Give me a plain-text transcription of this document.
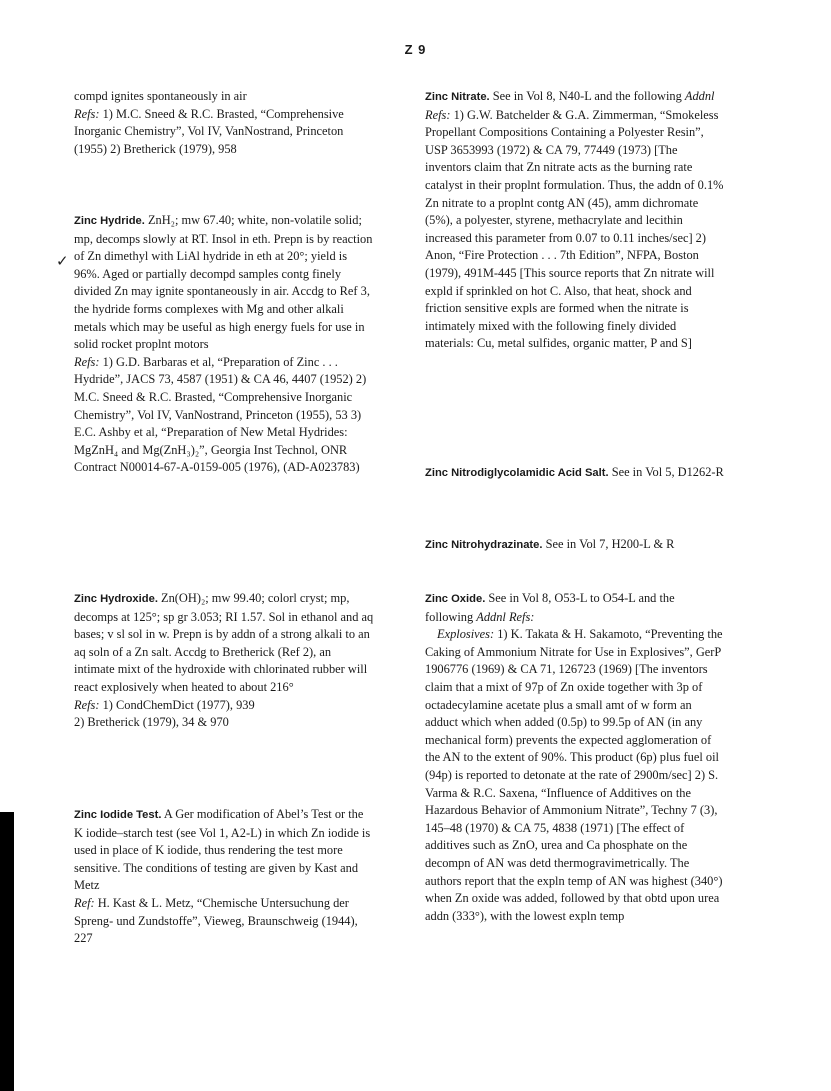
Z 9
✓

compd ignites spontaneously in air

Refs: 1) M.C. Sneed & R.C. Brasted, “Comprehensive Inorganic Chemistry”, Vol IV, VanNostrand, Princeton (1955) 2) Bretherick (1979), 958

Zinc Hydride. ZnH₂; mw 67.40; white, non-volatile solid; mp, decomps slowly at RT. Insol in eth. Prepn is by reaction of Zn dimethyl with LiAl hydride in eth at 20°; yield is 96%. Aged or partially decompd samples contg finely divided Zn may ignite spontaneously in air. Accdg to Ref 3, the hydride forms complexes with Mg and other alkali metals which may be useful as high energy fuels for use in solid rocket proplnt motors

Refs: 1) G.D. Barbaras et al, “Preparation of Zinc . . . Hydride”, JACS 73, 4587 (1951) & CA 46, 4407 (1952) 2) M.C. Sneed & R.C. Brasted, “Comprehensive Inorganic Chemistry”, Vol IV, VanNostrand, Princeton (1955), 53 3) E.C. Ashby et al, “Preparation of New Metal Hydrides: MgZnH₄ and Mg(ZnH₃)₂”, Georgia Inst Technol, ONR Contract N00014-67-A-0159-005 (1976), (AD-A023783)

Zinc Hydroxide. Zn(OH)₂; mw 99.40; colorl cryst; mp, decomps at 125°; sp gr 3.053; RI 1.57. Sol in ethanol and aq bases; v sl sol in w. Prepn is by addn of a strong alkali to an aq soln of a Zn salt. Accdg to Bretherick (Ref 2), an intimate mixt of the hydroxide with chlorinated rubber will react explosively when heated to about 216°

Refs: 1) CondChemDict (1977), 939

2) Bretherick (1979), 34 & 970

Zinc Iodide Test. A Ger modification of Abel’s Test or the K iodide–starch test (see Vol 1, A2-L) in which Zn iodide is used in place of K iodide, thus rendering the test more sensitive. The conditions of testing are given by Kast and Metz

Ref: H. Kast & L. Metz, “Chemische Untersuchung der Spreng- und Zundstoffe”, Vieweg, Braunschweig (1944), 227

Zinc Nitrate. See in Vol 8, N40-L and the following Addnl Refs: 1) G.W. Batchelder & G.A. Zimmerman, “Smokeless Propellant Compositions Containing a Polyester Resin”, USP 3653993 (1972) & CA 79, 77449 (1973) [The inventors claim that Zn nitrate acts as the burning rate catalyst in their proplnt formulation. Thus, the addn of 0.1% Zn nitrate to a proplnt contg AN (45), amm dichromate (5%), a polyester, styrene, methacrylate and lecithin increased this parameter from 0.07 to 0.11 inches/sec] 2) Anon, “Fire Protection . . . 7th Edition”, NFPA, Boston (1979), 491M-445 [This source reports that Zn nitrate will expld if sprinkled on hot C. Also, that heat, shock and friction sensitive expls are formed when the nitrate is intimately mixed with the following finely divided materials: Cu, metal sulfides, organic matter, P and S]

Zinc Nitrodiglycolamidic Acid Salt. See in Vol 5, D1262-R

Zinc Nitrohydrazinate. See in Vol 7, H200-L & R

Zinc Oxide. See in Vol 8, O53-L to O54-L and the following Addnl Refs:

Explosives: 1) K. Takata & H. Sakamoto, “Preventing the Caking of Ammonium Nitrate for Use in Explosives”, GerP 1906776 (1969) & CA 71, 126723 (1969) [The inventors claim that a mixt of 97p of Zn oxide together with 3p of octadecylamine acetate plus a small amt of w form an adduct which when added (0.5p) to 99.5p of AN (in any mechanical form) prevents the expected agglomeration of the AN to the extent of 90%. This product (6p) plus fuel oil (94p) is reported to detonate at the rate of 2900m/sec] 2) S. Varma & R.C. Saxena, “Influence of Additives on the Hazardous Behavior of Ammonium Nitrate”, Techny 7 (3), 145–48 (1970) & CA 75, 4838 (1971) [The effect of additives such as ZnO, urea and Ca phosphate on the decompn of AN was detd thermogravimetrically. The authors report that the expln temp of AN was highest (340°) when Zn oxide was added, followed by that obtd upon urea addn (333°), with the lowest expln temp
